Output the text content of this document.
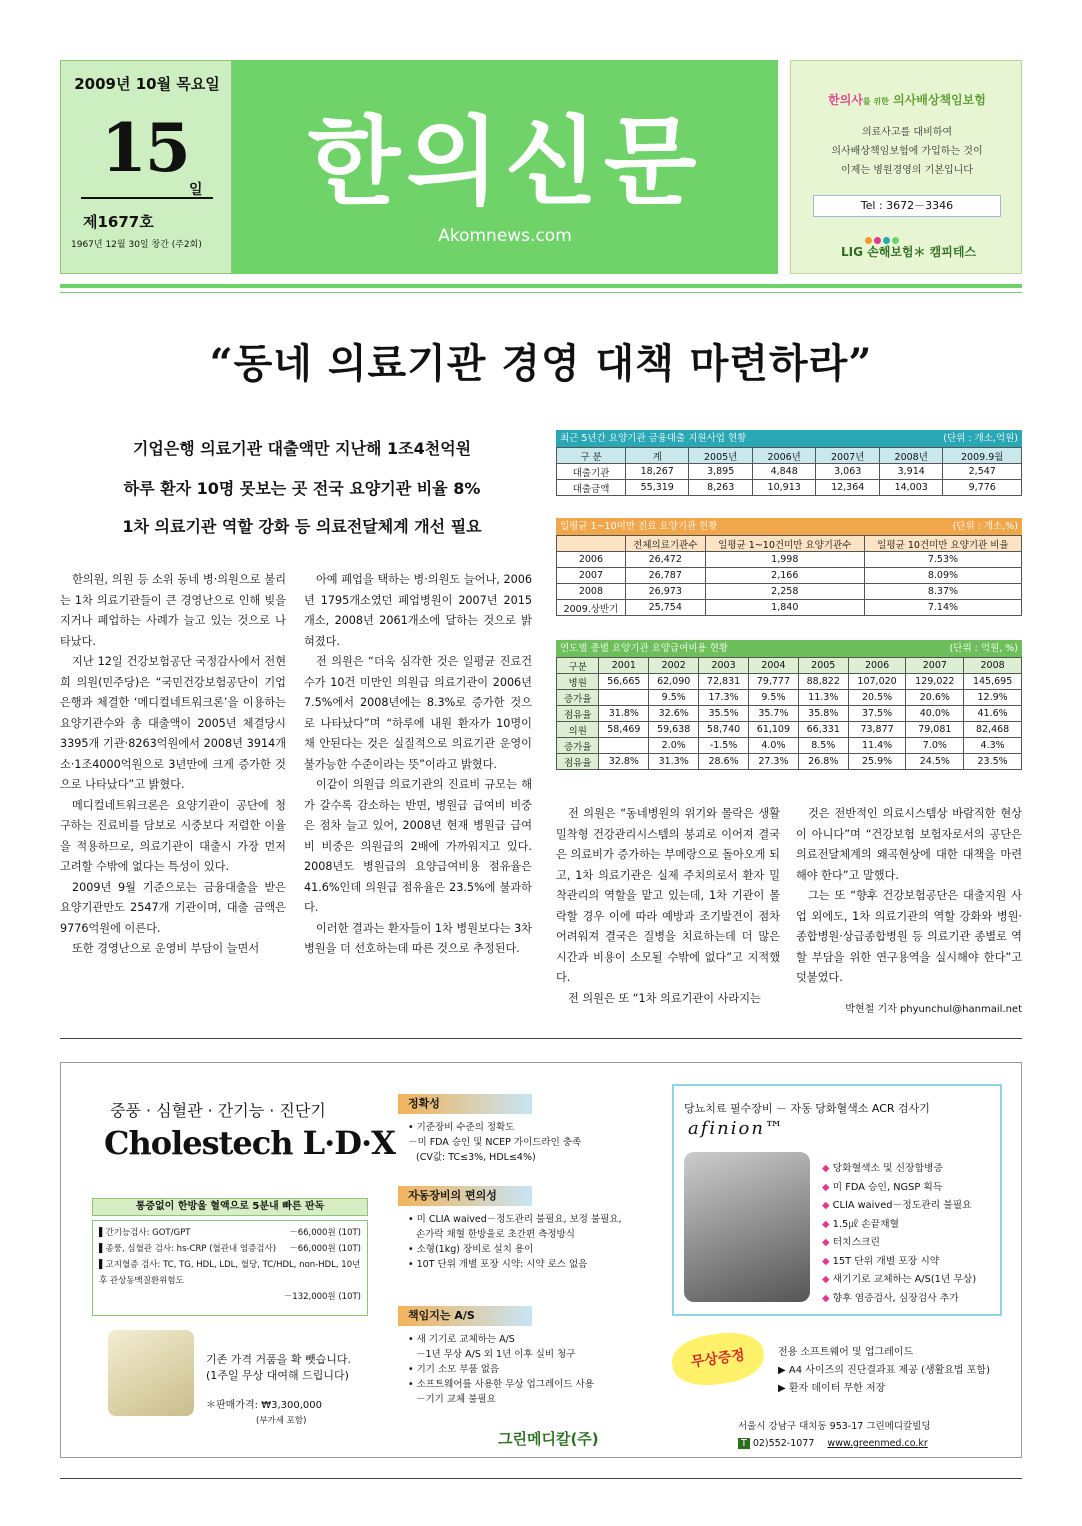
2009년 10월 목요일
15
일
제1677호
1967년 12월 30일 창간 (주2회)
한의신문
Akomnews.com
한의사를 위한 의사배상책임보험
의료사고를 대비하여
의사배상책임보험에 가입하는 것이
이제는 병원경영의 기본입니다
Tel : 3672－3346
LIG 손해보험＊ 캠피테스
“동네 의료기관 경영 대책 마련하라”
기업은행 의료기관 대출액만 지난해 1조4천억원
하루 환자 10명 못보는 곳 전국 요양기관 비율 8%
1차 의료기관 역할 강화 등 의료전달체계 개선 필요

한의원, 의원 등 소위 동네 병·의원으로 불리는 1차 의료기관들이 큰 경영난으로 인해 빚을 지거나 폐업하는 사례가 늘고 있는 것으로 나타났다.

지난 12일 건강보험공단 국정감사에서 전현희 의원(민주당)은 “국민건강보험공단이 기업은행과 체결한 ‘메디컬네트워크론’을 이용하는 요양기관수와 총 대출액이 2005년 체결당시 3395개 기관·8263억원에서 2008년 3914개소·1조4000억원으로 3년만에 크게 증가한 것으로 나타났다”고 밝혔다.

메디컬네트워크론은 요양기관이 공단에 청구하는 진료비를 담보로 시중보다 저렴한 이율을 적용하므로, 의료기관이 대출시 가장 먼저 고려할 수밖에 없다는 특성이 있다.

2009년 9월 기준으로는 금융대출을 받은 요양기관만도 2547개 기관이며, 대출 금액은 9776억원에 이른다.

또한 경영난으로 운영비 부담이 늘면서

아예 폐업을 택하는 병·의원도 늘어나, 2006년 1795개소였던 폐업병원이 2007년 2015개소, 2008년 2061개소에 달하는 것으로 밝혀졌다.

전 의원은 “더욱 심각한 것은 일평균 진료건수가 10건 미만인 의원급 의료기관이 2006년 7.5%에서 2008년에는 8.3%로 증가한 것으로 나타났다”며 “하루에 내원 환자가 10명이 채 안된다는 것은 실질적으로 의료기관 운영이 불가능한 수준이라는 뜻”이라고 밝혔다.

이같이 의원급 의료기관의 진료비 규모는 해가 갈수록 감소하는 반면, 병원급 급여비 비중은 점차 늘고 있어, 2008년 현재 병원급 급여비 비중은 의원급의 2배에 가까워지고 있다. 2008년도 병원급의 요양급여비용 점유율은 41.6%인데 의원급 점유율은 23.5%에 불과하다.

이러한 결과는 환자들이 1차 병원보다는 3차 병원을 더 선호하는데 따른 것으로 추정된다.

전 의원은 “동네병원의 위기와 몰락은 생활밀착형 건강관리시스템의 붕괴로 이어져 결국은 의료비가 증가하는 부메랑으로 돌아오게 되고, 1차 의료기관은 실제 주치의로서 환자 밀착관리의 역할을 맡고 있는데, 1차 기관이 몰락할 경우 이에 따라 예방과 조기발견이 점차 어려워져 결국은 질병을 치료하는데 더 많은 시간과 비용이 소모될 수밖에 없다”고 지적했다.

전 의원은 또 “1차 의료기관이 사라지는

것은 전반적인 의료시스템상 바람직한 현상이 아니다”며 “건강보험 보험자로서의 공단은 의료전달체계의 왜곡현상에 대한 대책을 마련해야 한다”고 말했다.

그는 또 “향후 건강보험공단은 대출지원 사업 외에도, 1차 의료기관의 역할 강화와 병원·종합병원·상급종합병원 등 의료기관 종별로 역할 부담을 위한 연구용역을 실시해야 한다”고 덧붙였다.

박현철 기자 phyunchul@hanmail.net
최근 5년간 요양기관 금융대출 지원사업 현황	(단위 : 개소,억원)
구 분	계	2005년	2006년	2007년	2008년	2009.9월
대출기관	18,267	3,895	4,848	3,063	3,914	2,547
대출금액	55,319	8,263	10,913	12,364	14,003	9,776
일평균 1~10미만 진료 요양기관 현황	(단위 : 개소,%)
	전체의료기관수	일평균 1~10건미만 요양기관수	일평균 10건미만 요양기관 비율
2006	26,472	1,998	7.53%
2007	26,787	2,166	8.09%
2008	26,973	2,258	8.37%
2009.상반기	25,754	1,840	7.14%
연도별 종별 요양기관 요양급여비용 현황	(단위 : 억원, %)
구분	2001	2002	2003	2004	2005	2006	2007	2008
병원	56,665	62,090	72,831	79,777	88,822	107,020	129,022	145,695
증가율		9.5%	17.3%	9.5%	11.3%	20.5%	20.6%	12.9%
점유율	31.8%	32.6%	35.5%	35.7%	35.8%	37.5%	40.0%	41.6%
의원	58,469	59,638	58,740	61,109	66,331	73,877	79,081	82,468
증가율		2.0%	-1.5%	4.0%	8.5%	11.4%	7.0%	4.3%
점유율	32.8%	31.3%	28.6%	27.3%	26.8%	25.9%	24.5%	23.5%
중풍 · 심혈관 · 간기능 · 진단기
Cholestech L·D·X
통증없이 한방울 혈액으로 5분내 빠른 판독
▌간기능검사: GOT/GPT	－66,000원 (10T)
▌종풍, 심혈관 검사: hs-CRP (혈관내 염증검사) －66,000원 (10T)
▌고지혈증 검사: TC, TG, HDL, LDL, 혈당, TC/HDL, non-HDL, 10년 후 관상동맥질환위험도
－132,000원 (10T)
기존 가격 거품을 확 뺏습니다.
(1주일 무상 대여해 드립니다)
＊판매가격: ₩3,300,000
(부가세 포함)
정확성
• 기준장비 수준의 정확도
－미 FDA 승인 및 NCEP 가이드라인 충족
(CV값: TC≤3%, HDL≤4%)
자동장비의 편의성
• 미 CLIA waived－정도관리 불필요, 보정 불필요,
손가락 채혈 한방울로 초간편 측정방식
• 소형(1kg) 장비로 설치 용이
• 10T 단위 개별 포장 시약: 시약 로스 없음
책임지는 A/S
• 새 기기로 교체하는 A/S
－1년 무상 A/S 외 1년 이후 실비 청구
• 기기 소모 부품 없음
• 소프트웨어를 사용한 무상 업그레이드 사용
－기기 교체 불필요
당뇨치료 필수장비 － 자동 당화혈색소 ACR 검사기
afinion™
◆ 당화혈색소 및 신장합병증
◆ 미 FDA 승인, NGSP 획득
◆ CLIA waived－정도관리 불필요
◆ 1.5㎕ 손끝채혈
◆ 터치스크린
◆ 15T 단위 개별 포장 시약
◆ 새기기로 교체하는 A/S(1년 무상)
◆ 향후 염증검사, 심장검사 추가
무상증정	전용 소프트웨어 및 업그레이드
▶ A4 사이즈의 진단결과표 제공 (생활요법 포함)
▶ 환자 데이터 무한 저장
그린메디칼(주)
서울시 강남구 대치동 953-17 그린메디칼빌딩
T 02)552-1077 www.greenmed.co.kr
